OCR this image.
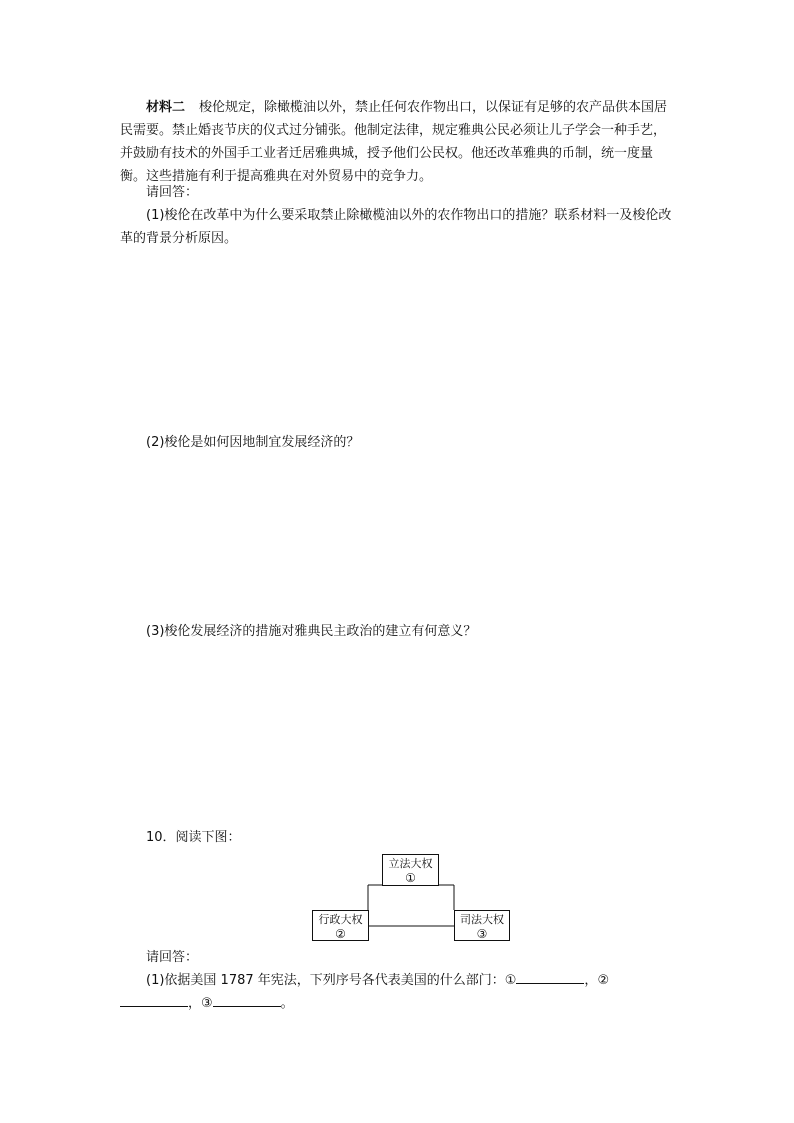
材料二 梭伦规定，除橄榄油以外，禁止任何农作物出口，以保证有足够的农产品供本国居民需要。禁止婚丧节庆的仪式过分铺张。他制定法律，规定雅典公民必须让儿子学会一种手艺，并鼓励有技术的外国手工业者迁居雅典城，授予他们公民权。他还改革雅典的币制，统一度量衡。这些措施有利于提高雅典在对外贸易中的竞争力。

请回答：

(1)梭伦在改革中为什么要采取禁止除橄榄油以外的农作物出口的措施？联系材料一及梭伦改革的背景分析原因。

(2)梭伦是如何因地制宜发展经济的？

(3)梭伦发展经济的措施对雅典民主政治的建立有何意义？

10．阅读下图：

立法大权
①
行政大权
②
司法大权
③

请回答：

(1)依据美国 1787 年宪法，下列序号各代表美国的什么部门：①	，②，③	。
